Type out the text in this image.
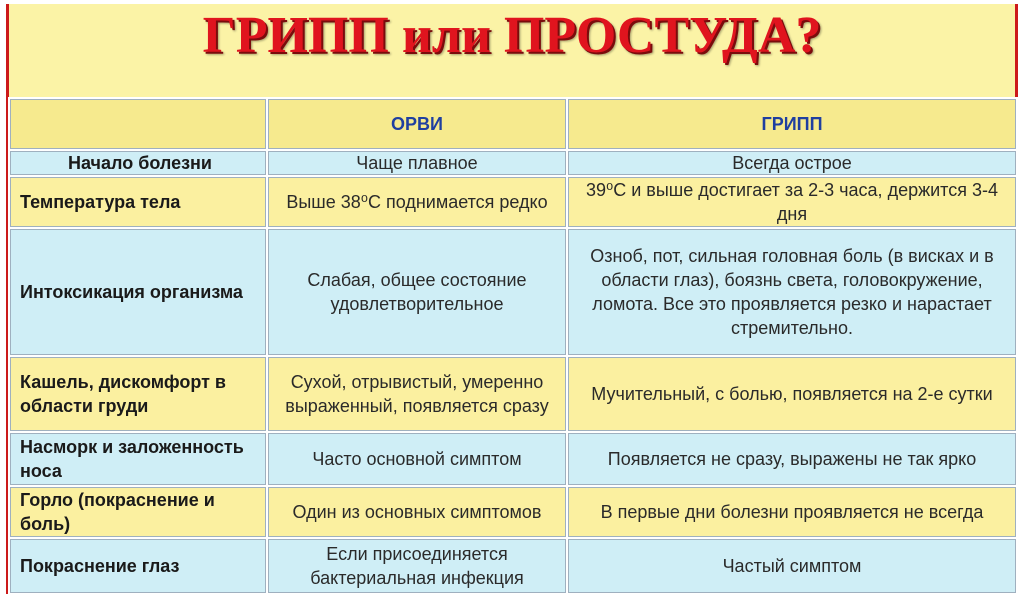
ГРИПП или ПРОСТУДА?
	ОРВИ	ГРИПП
Начало болезни	Чаще плавное	Всегда острое
Температура тела	Выше 38⁰С поднимается редко	39⁰С и выше достигает за 2-3 часа, держится 3-4 дня
Интоксикация организма	Слабая, общее состояние удовлетворительное	Озноб, пот, сильная головная боль (в висках и в области глаз), боязнь света, головокружение, ломота. Все это проявляется резко и нарастает стремительно.
Кашель, дискомфорт в области груди	Сухой, отрывистый, умеренно выраженный, появляется сразу	Мучительный, с болью, появляется на 2-е сутки
Насморк и заложенность носа	Часто основной симптом	Появляется не сразу, выражены не так ярко
Горло (покраснение и боль)	Один из основных симптомов	В первые дни болезни проявляется не всегда
Покраснение глаз	Если присоединяется бактериальная инфекция	Частый симптом
